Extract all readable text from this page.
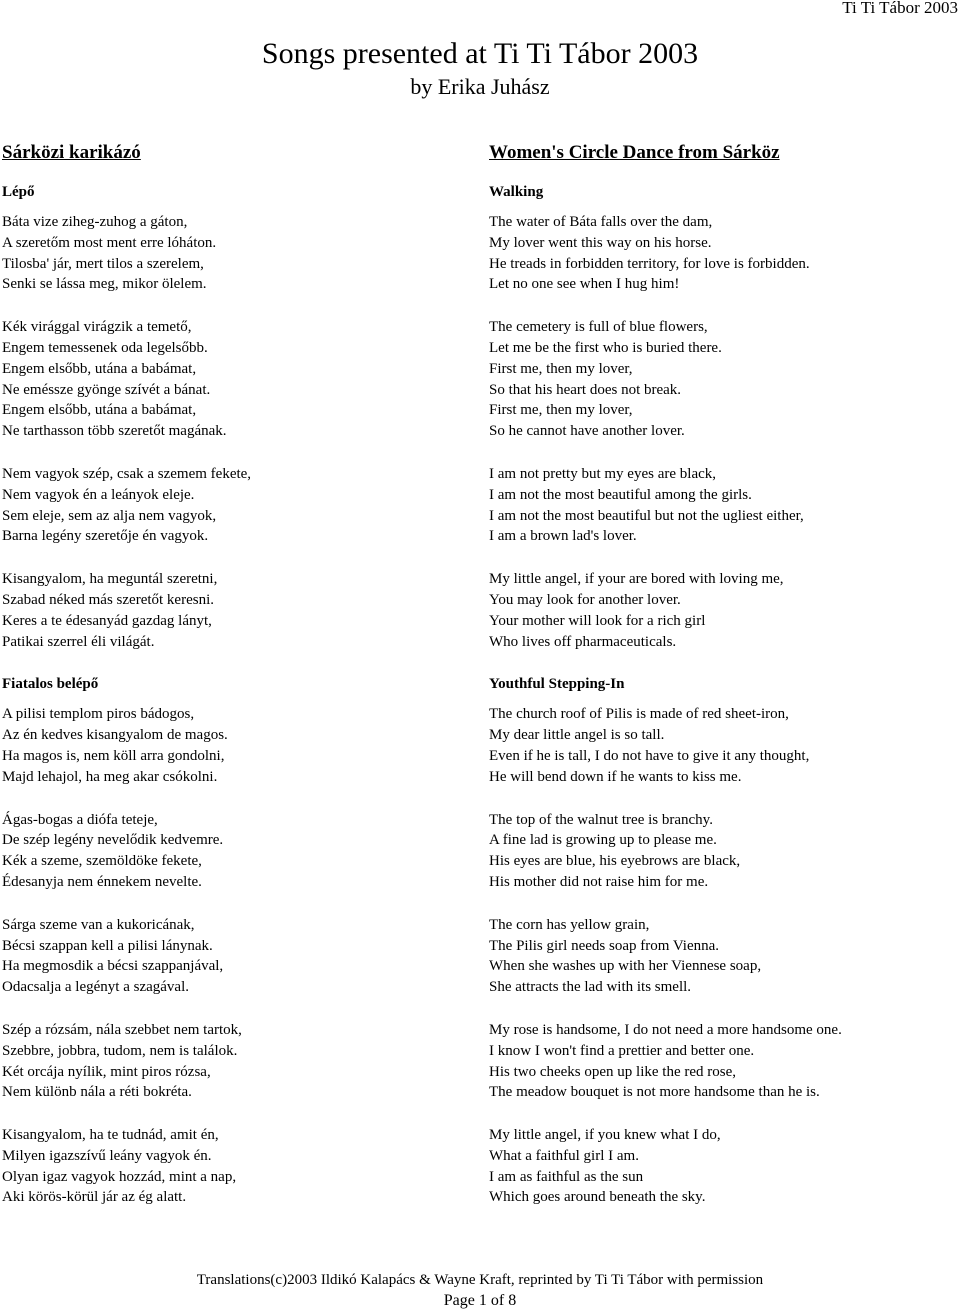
Ti Ti Tábor 2003
Songs presented at Ti Ti Tábor 2003
by Erika Juhász
Sárközi karikázó
Lépő
Báta vize ziheg-zuhog a gáton,
A szeretőm most ment erre lóháton.
Tilosba' jár, mert tilos a szerelem,
Senki se lássa meg, mikor ölelem.
Kék virággal virágzik a temető,
Engem temessenek oda legelsőbb.
Engem elsőbb, utána a babámat,
Ne eméssze gyönge szívét a bánat.
Engem elsőbb, utána a babámat,
Ne tarthasson több szeretőt magának.
Nem vagyok szép, csak a szemem fekete,
Nem vagyok én a leányok eleje.
Sem eleje, sem az alja nem vagyok,
Barna legény szeretője én vagyok.
Kisangyalom, ha meguntál szeretni,
Szabad néked más szeretőt keresni.
Keres a te édesanyád gazdag lányt,
Patikai szerrel éli világát.
Fiatalos belépő
A pilisi templom piros bádogos,
Az én kedves kisangyalom de magos.
Ha magos is, nem köll arra gondolni,
Majd lehajol, ha meg akar csókolni.
Ágas-bogas a diófa teteje,
De szép legény nevelődik kedvemre.
Kék a szeme, szemöldöke fekete,
Édesanyja nem énnekem nevelte.
Sárga szeme van a kukoricának,
Bécsi szappan kell a pilisi lánynak.
Ha megmosdik a bécsi szappanjával,
Odacsalja a legényt a szagával.
Szép a rózsám, nála szebbet nem tartok,
Szebbre, jobbra, tudom, nem is találok.
Két orcája nyílik, mint piros rózsa,
Nem különb nála a réti bokréta.
Kisangyalom, ha te tudnád, amit én,
Milyen igazszívű leány vagyok én.
Olyan igaz vagyok hozzád, mint a nap,
Aki körös-körül jár az ég alatt.
Women's Circle Dance from Sárköz
Walking
The water of Báta falls over the dam,
My lover went this way on his horse.
He treads in forbidden territory, for love is forbidden.
Let no one see when I hug him!
The cemetery is full of blue flowers,
Let me be the first who is buried there.
First me, then my lover,
So that his heart does not break.
First me, then my lover,
So he cannot have another lover.
I am not pretty but my eyes are black,
I am not the most beautiful among the girls.
I am not the most beautiful but not the ugliest either,
I am a brown lad's lover.
My little angel, if your are bored with loving me,
You may look for another lover.
Your mother will look for a rich girl
Who lives off pharmaceuticals.
Youthful Stepping-In
The church roof of Pilis is made of red sheet-iron,
My dear little angel is so tall.
Even if he is tall, I do not have to give it any thought,
He will bend down if he wants to kiss me.
The top of the walnut tree is branchy.
A fine lad is growing up to please me.
His eyes are blue, his eyebrows are black,
His mother did not raise him for me.
The corn has yellow grain,
The Pilis girl needs soap from Vienna.
When she washes up with her Viennese soap,
She attracts the lad with its smell.
My rose is handsome, I do not need a more handsome one.
I know I won't find a prettier and better one.
His two cheeks open up like the red rose,
The meadow bouquet is not more handsome than he is.
My little angel, if you knew what I do,
What a faithful girl I am.
I am as faithful as the sun
Which goes around beneath the sky.
Translations(c)2003 Ildikó Kalapács & Wayne Kraft, reprinted by Ti Ti Tábor with permission
Page 1 of 8
